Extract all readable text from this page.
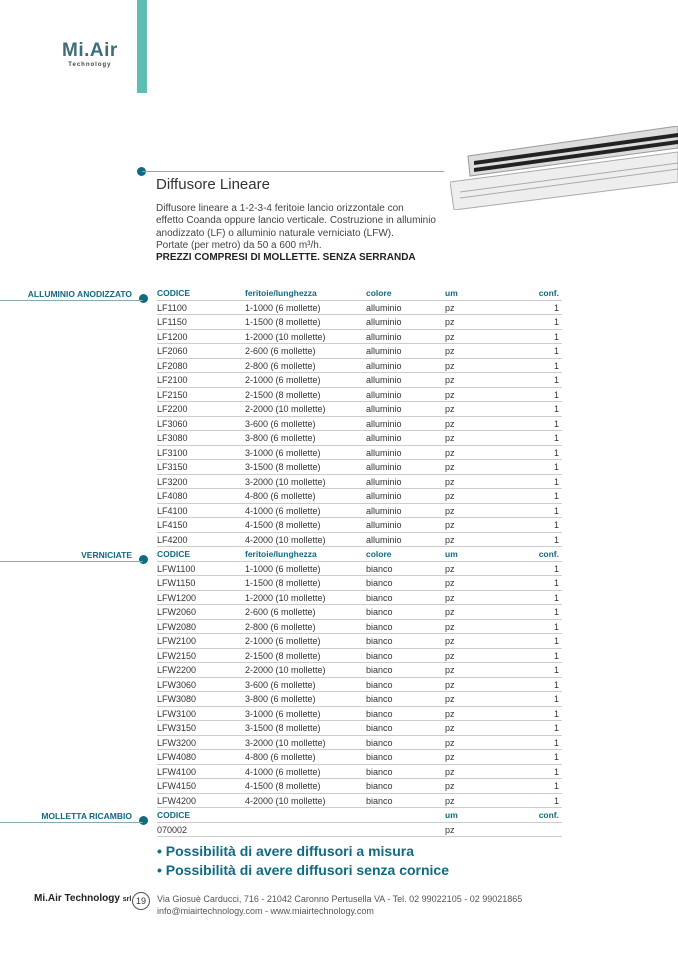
Mi.Air
Technology
Diffusore Lineare
Diffusore lineare a 1-2-3-4 feritoie lancio orizzontale con
effetto Coanda oppure lancio verticale. Costruzione in alluminio
anodizzato (LF) o alluminio naturale verniciato (LFW).
Portate (per metro) da 50 a 600 m³/h.
PREZZI COMPRESI DI MOLLETTE. SENZA SERRANDA
ALLUMINIO ANODIZZATO	CODICE	feritoie/lunghezza	colore	um	conf.
LF1100	1-1000 (6 mollette)	alluminio	pz	1
LF1150	1-1500 (8 mollette)	alluminio	pz	1
LF1200	1-2000 (10 mollette)	alluminio	pz	1
LF2060	2-600 (6 mollette)	alluminio	pz	1
LF2080	2-800 (6 mollette)	alluminio	pz	1
LF2100	2-1000 (6 mollette)	alluminio	pz	1
LF2150	2-1500 (8 mollette)	alluminio	pz	1
LF2200	2-2000 (10 mollette)	alluminio	pz	1
LF3060	3-600 (6 mollette)	alluminio	pz	1
LF3080	3-800 (6 mollette)	alluminio	pz	1
LF3100	3-1000 (6 mollette)	alluminio	pz	1
LF3150	3-1500 (8 mollette)	alluminio	pz	1
LF3200	3-2000 (10 mollette)	alluminio	pz	1
LF4080	4-800 (6 mollette)	alluminio	pz	1
LF4100	4-1000 (6 mollette)	alluminio	pz	1
LF4150	4-1500 (8 mollette)	alluminio	pz	1
LF4200	4-2000 (10 mollette)	alluminio	pz	1
VERNICIATE	CODICE	feritoie/lunghezza	colore	um	conf.
LFW1100	1-1000 (6 mollette)	bianco	pz	1
LFW1150	1-1500 (8 mollette)	bianco	pz	1
LFW1200	1-2000 (10 mollette)	bianco	pz	1
LFW2060	2-600 (6 mollette)	bianco	pz	1
LFW2080	2-800 (6 mollette)	bianco	pz	1
LFW2100	2-1000 (6 mollette)	bianco	pz	1
LFW2150	2-1500 (8 mollette)	bianco	pz	1
LFW2200	2-2000 (10 mollette)	bianco	pz	1
LFW3060	3-600 (6 mollette)	bianco	pz	1
LFW3080	3-800 (6 mollette)	bianco	pz	1
LFW3100	3-1000 (6 mollette)	bianco	pz	1
LFW3150	3-1500 (8 mollette)	bianco	pz	1
LFW3200	3-2000 (10 mollette)	bianco	pz	1
LFW4080	4-800 (6 mollette)	bianco	pz	1
LFW4100	4-1000 (6 mollette)	bianco	pz	1
LFW4150	4-1500 (8 mollette)	bianco	pz	1
LFW4200	4-2000 (10 mollette)	bianco	pz	1
MOLLETTA RICAMBIO	CODICE	um	conf.
070002	pz
• Possibilità di avere diffusori a misura
• Possibilità di avere diffusori senza cornice
Mi.Air Technology srl 19	Via Giosuè Carducci, 716 - 21042 Caronno Pertusella VA - Tel. 02 99022105 - 02 99021865
info@miairtechnology.com - www.miairtechnology.com
